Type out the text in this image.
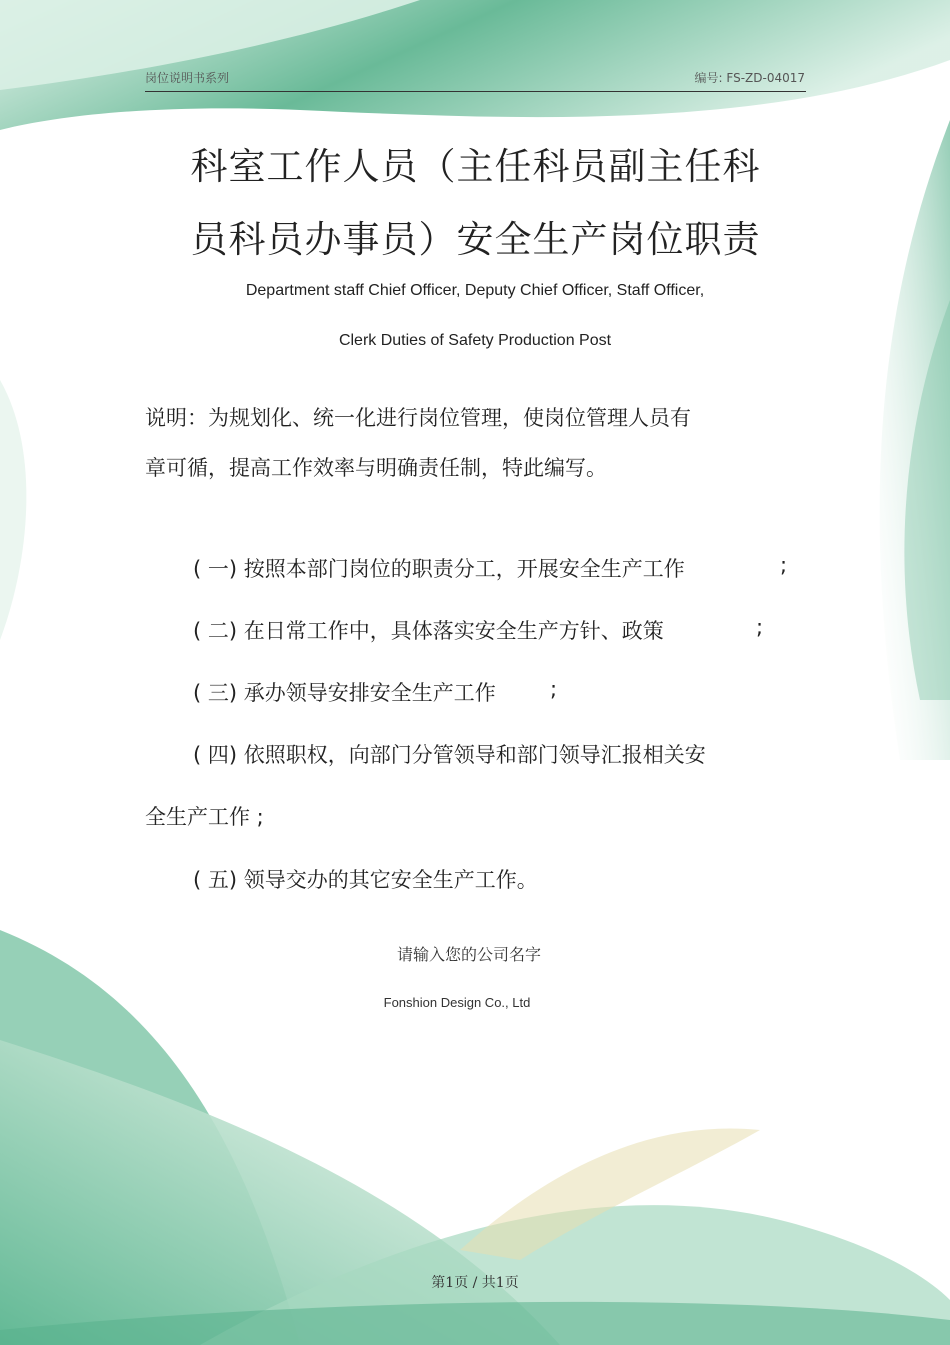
岗位说明书系列	编号: FS-ZD-04017
科室工作人员（主任科员副主任科
员科员办事员）安全生产岗位职责
Department staff Chief Officer, Deputy Chief Officer, Staff Officer,
Clerk Duties of Safety Production Post
说明：为规划化、统一化进行岗位管理，使岗位管理人员有
章可循，提高工作效率与明确责任制，特此编写。
( 一) 按照本部门岗位的职责分工，开展安全生产工作	;
( 二) 在日常工作中，具体落实安全生产方针、政策	;
( 三) 承办领导安排安全生产工作	;
( 四) 依照职权，向部门分管领导和部门领导汇报相关安
全生产工作 ;
( 五) 领导交办的其它安全生产工作。
请输入您的公司名字
Fonshion Design Co., Ltd
第1页 / 共1页
